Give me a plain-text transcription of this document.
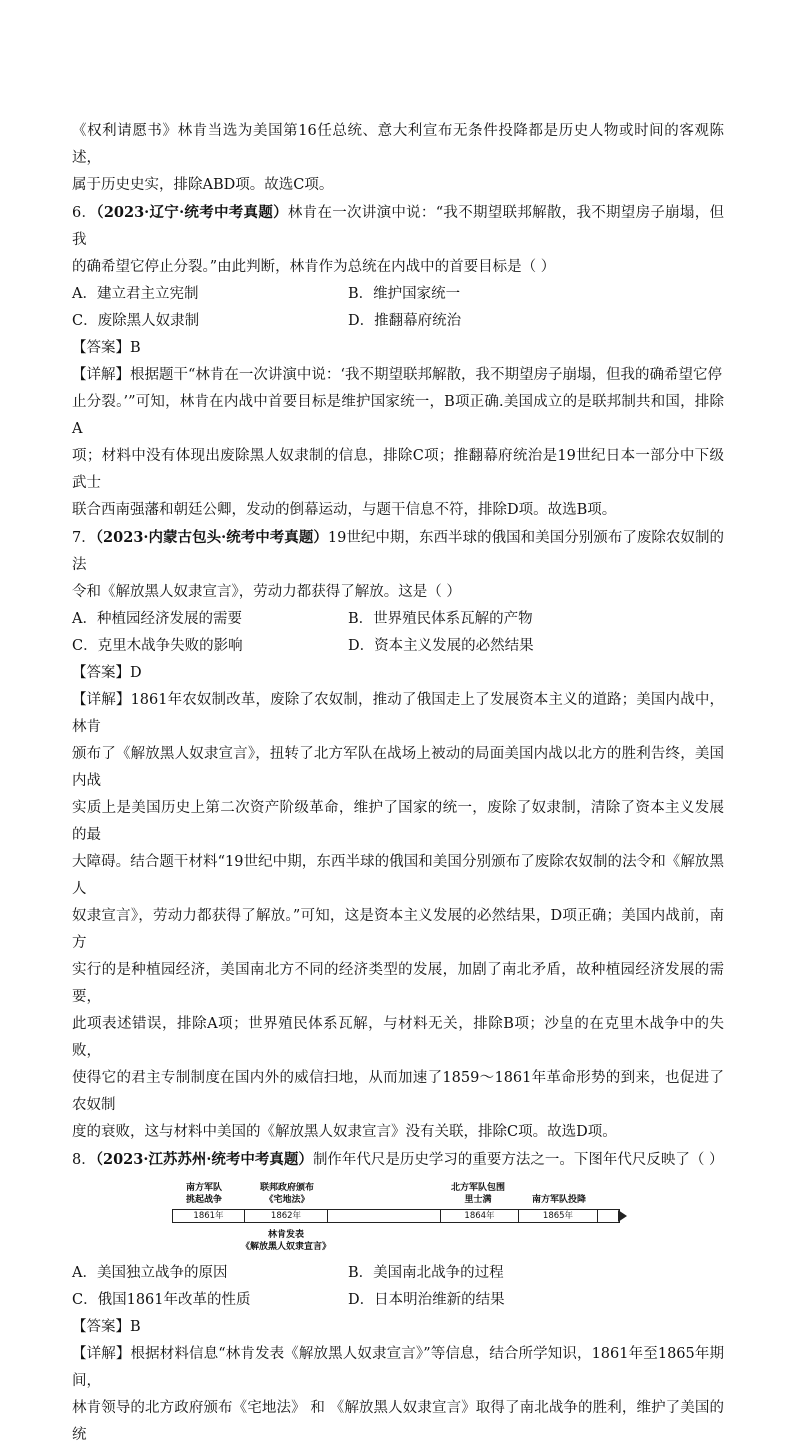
《权利请愿书》林肯当选为美国第16任总统、意大利宣布无条件投降都是历史人物或时间的客观陈述，

属于历史史实，排除ABD项。故选C项。

6．（2023·辽宁·统考中考真题）林肯在一次讲演中说：“我不期望联邦解散，我不期望房子崩塌，但我

的确希望它停止分裂。”由此判断，林肯作为总统在内战中的首要目标是（ ）

A．建立君主立宪制	B．维护国家统一
C．废除黑人奴隶制	D．推翻幕府统治

【答案】B

【详解】根据题干“林肯在一次讲演中说：‘我不期望联邦解散，我不期望房子崩塌，但我的确希望它停

止分裂。’”可知，林肯在内战中首要目标是维护国家统一，B项正确.美国成立的是联邦制共和国，排除A

项；材料中没有体现出废除黑人奴隶制的信息，排除C项；推翻幕府统治是19世纪日本一部分中下级武士

联合西南强藩和朝廷公卿，发动的倒幕运动，与题干信息不符，排除D项。故选B项。

7．（2023·内蒙古包头·统考中考真题）19世纪中期，东西半球的俄国和美国分别颁布了废除农奴制的法

令和《解放黑人奴隶宣言》，劳动力都获得了解放。这是（ ）

A．种植园经济发展的需要	B．世界殖民体系瓦解的产物
C．克里木战争失败的影响	D．资本主义发展的必然结果

【答案】D

【详解】1861年农奴制改革，废除了农奴制，推动了俄国走上了发展资本主义的道路；美国内战中，林肯

颁布了《解放黑人奴隶宣言》，扭转了北方军队在战场上被动的局面美国内战以北方的胜利告终，美国内战

实质上是美国历史上第二次资产阶级革命，维护了国家的统一，废除了奴隶制，清除了资本主义发展的最

大障碍。结合题干材料“19世纪中期，东西半球的俄国和美国分别颁布了废除农奴制的法令和《解放黑人

奴隶宣言》，劳动力都获得了解放。”可知，这是资本主义发展的必然结果，D项正确；美国内战前，南方

实行的是种植园经济，美国南北方不同的经济类型的发展，加剧了南北矛盾，故种植园经济发展的需要，

此项表述错误，排除A项；世界殖民体系瓦解，与材料无关，排除B项；沙皇的在克里木战争中的失败，

使得它的君主专制制度在国内外的威信扫地，从而加速了1859～1861年革命形势的到来，也促进了农奴制

度的衰败，这与材料中美国的《解放黑人奴隶宣言》没有关联，排除C项。故选D项。

8．（2023·江苏苏州·统考中考真题）制作年代尺是历史学习的重要方法之一。下图年代尺反映了（ ）

南方军队
挑起战争
联邦政府颁布
《宅地法》
北方军队包围
里士满	南方军队投降
1861年	1862年	1864年	1865年
林肯发表
《解放黑人奴隶宣言》
A．美国独立战争的原因	B．美国南北战争的过程
C．俄国1861年改革的性质	D．日本明治维新的结果

【答案】B

【详解】根据材料信息“林肯发表《解放黑人奴隶宣言》”等信息，结合所学知识，1861年至1865年期间，

林肯领导的北方政府颁布《宅地法》 和 《解放黑人奴隶宣言》取得了南北战争的胜利，维护了美国的统
